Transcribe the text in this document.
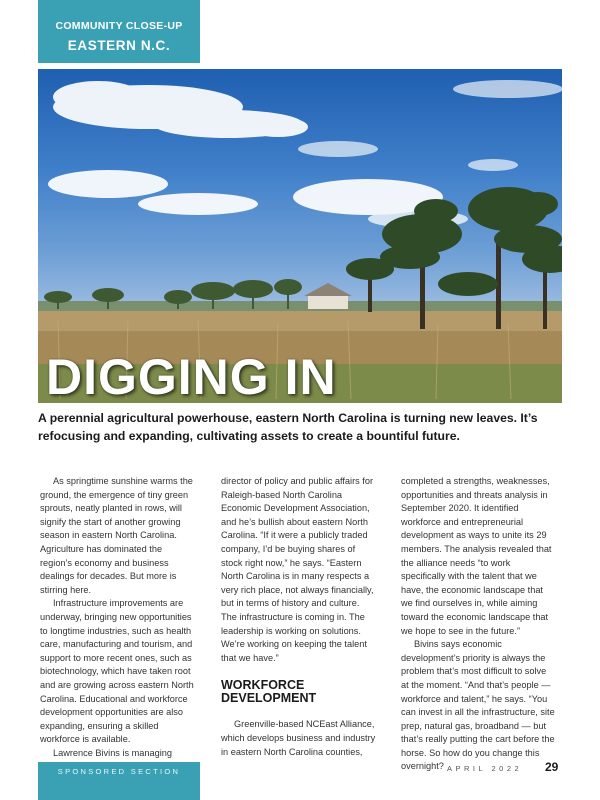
COMMUNITY CLOSE-UP
EASTERN N.C.
DIGGING IN
A perennial agricultural powerhouse, eastern North Carolina is turning new leaves. It’s refocusing and expanding, cultivating assets to create a bountiful future.

As springtime sunshine warms the ground, the emergence of tiny green sprouts, neatly planted in rows, will signify the start of another growing season in eastern North Carolina. Agriculture has dominated the region’s economy and business dealings for decades. But more is stirring here.

Infrastructure improvements are underway, bringing new opportunities to longtime industries, such as health care, manufacturing and tourism, and support to more recent ones, such as biotechnology, which have taken root and are growing across eastern North Carolina. Educational and workforce development opportunities are also expanding, ensuring a skilled workforce is available.

Lawrence Bivins is managing

director of policy and public affairs for Raleigh-based North Carolina Economic Development Association, and he’s bullish about eastern North Carolina. “If it were a publicly traded company, I’d be buying shares of stock right now,” he says. “Eastern North Carolina is in many respects a very rich place, not always financially, but in terms of history and culture. The infrastructure is coming in. The leadership is working on solutions. We’re working on keeping the talent that we have.”

WORKFORCE DEVELOPMENT

Greenville-based NCEast Alliance, which develops business and industry in eastern North Carolina counties,

completed a strengths, weaknesses, opportunities and threats analysis in September 2020. It identified workforce and entrepreneurial development as ways to unite its 29 members. The analysis revealed that the alliance needs “to work specifically with the talent that we have, the economic landscape that we find ourselves in, while aiming toward the economic landscape that we hope to see in the future.”

Bivins says economic development’s priority is always the problem that’s most difficult to solve at the moment. “And that’s people — workforce and talent,” he says. “You can invest in all the infrastructure, site prep, natural gas, broadband — but that’s really putting the cart before the horse. So how do you change this overnight?

SPONSORED SECTION	APRIL 2022 29
